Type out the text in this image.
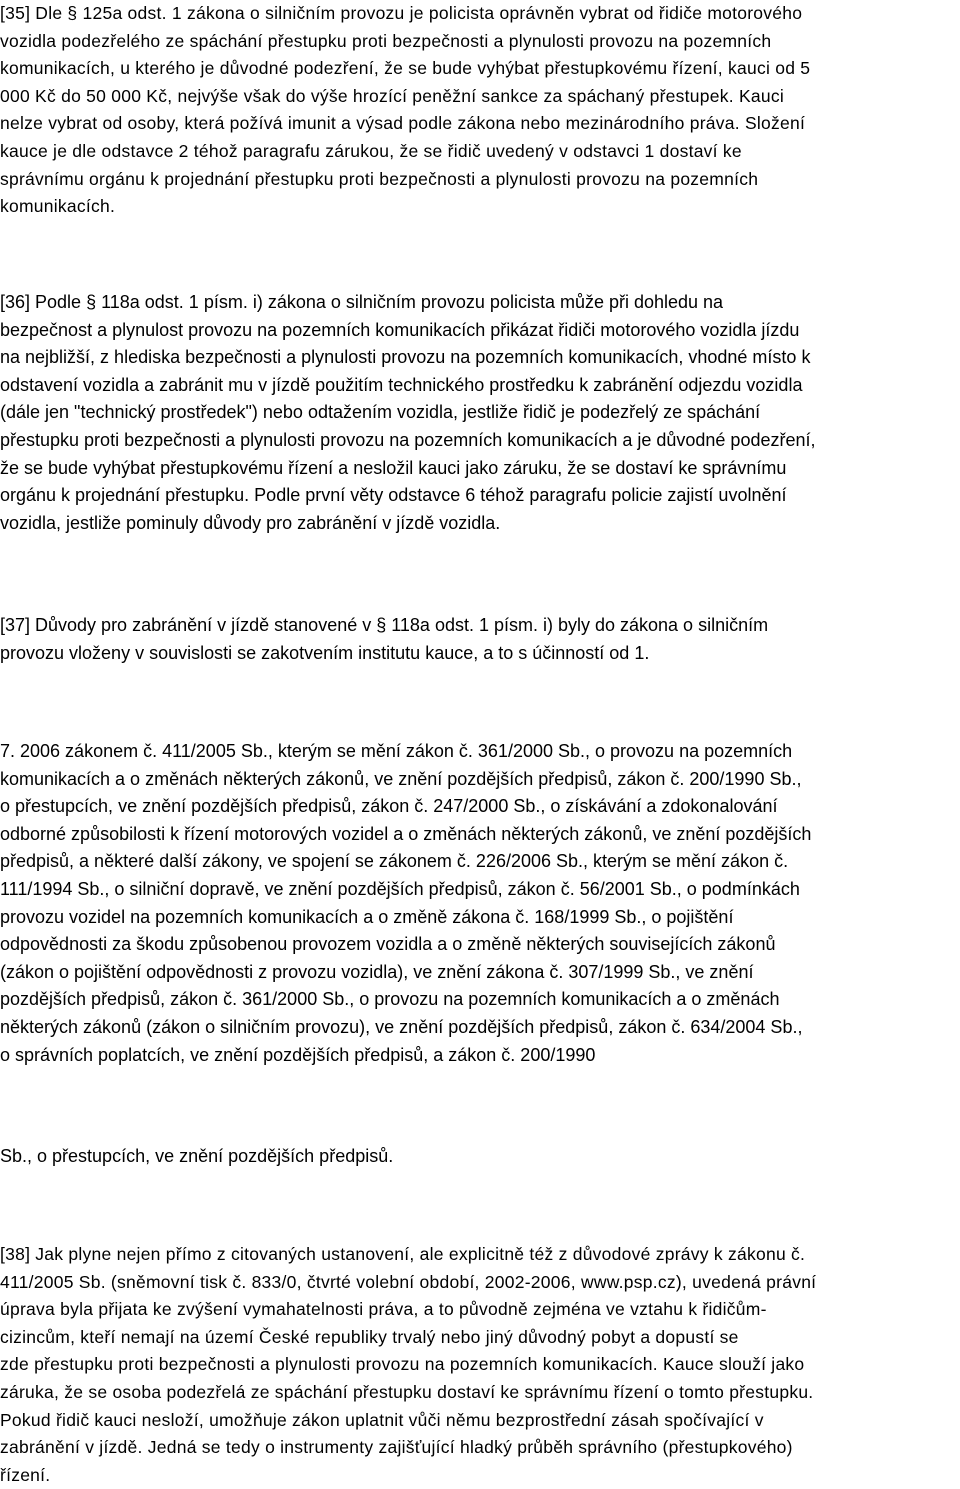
[35] Dle § 125a odst. 1 zákona o silničním provozu je policista oprávněn vybrat od řidiče motorového
vozidla podezřelého ze spáchání přestupku proti bezpečnosti a plynulosti provozu na pozemních
komunikacích, u kterého je důvodné podezření, že se bude vyhýbat přestupkovému řízení, kauci od 5
000 Kč do 50 000 Kč, nejvýše však do výše hrozící peněžní sankce za spáchaný přestupek. Kauci
nelze vybrat od osoby, která požívá imunit a výsad podle zákona nebo mezinárodního práva. Složení
kauce je dle odstavce 2 téhož paragrafu zárukou, že se řidič uvedený v odstavci 1 dostaví ke
správnímu orgánu k projednání přestupku proti bezpečnosti a plynulosti provozu na pozemních
komunikacích.
[36] Podle § 118a odst. 1 písm. i) zákona o silničním provozu policista může při dohledu na
bezpečnost a plynulost provozu na pozemních komunikacích přikázat řidiči motorového vozidla jízdu
na nejbližší, z hlediska bezpečnosti a plynulosti provozu na pozemních komunikacích, vhodné místo k
odstavení vozidla a zabránit mu v jízdě použitím technického prostředku k zabránění odjezdu vozidla
(dále jen "technický prostředek") nebo odtažením vozidla, jestliže řidič je podezřelý ze spáchání
přestupku proti bezpečnosti a plynulosti provozu na pozemních komunikacích a je důvodné podezření,
že se bude vyhýbat přestupkovému řízení a nesložil kauci jako záruku, že se dostaví ke správnímu
orgánu k projednání přestupku. Podle první věty odstavce 6 téhož paragrafu policie zajistí uvolnění
vozidla, jestliže pominuly důvody pro zabránění v jízdě vozidla.
[37] Důvody pro zabránění v jízdě stanovené v § 118a odst. 1 písm. i) byly do zákona o silničním
provozu vloženy v souvislosti se zakotvením institutu kauce, a to s účinností od 1.
7. 2006 zákonem č. 411/2005 Sb., kterým se mění zákon č. 361/2000 Sb., o provozu na pozemních
komunikacích a o změnách některých zákonů, ve znění pozdějších předpisů, zákon č. 200/1990 Sb.,
o přestupcích, ve znění pozdějších předpisů, zákon č. 247/2000 Sb., o získávání a zdokonalování
odborné způsobilosti k řízení motorových vozidel a o změnách některých zákonů, ve znění pozdějších
předpisů, a některé další zákony, ve spojení se zákonem č. 226/2006 Sb., kterým se mění zákon č.
111/1994 Sb., o silniční dopravě, ve znění pozdějších předpisů, zákon č. 56/2001 Sb., o podmínkách
provozu vozidel na pozemních komunikacích a o změně zákona č. 168/1999 Sb., o pojištění
odpovědnosti za škodu způsobenou provozem vozidla a o změně některých souvisejících zákonů
(zákon o pojištění odpovědnosti z provozu vozidla), ve znění zákona č. 307/1999 Sb., ve znění
pozdějších předpisů, zákon č. 361/2000 Sb., o provozu na pozemních komunikacích a o změnách
některých zákonů (zákon o silničním provozu), ve znění pozdějších předpisů, zákon č. 634/2004 Sb.,
o správních poplatcích, ve znění pozdějších předpisů, a zákon č. 200/1990
Sb., o přestupcích, ve znění pozdějších předpisů.
[38] Jak plyne nejen přímo z citovaných ustanovení, ale explicitně též z důvodové zprávy k zákonu č.
411/2005 Sb. (sněmovní tisk č. 833/0, čtvrté volební období, 2002-2006, www.psp.cz), uvedená právní
úprava byla přijata ke zvýšení vymahatelnosti práva, a to původně zejména ve vztahu k řidičům-
cizincům, kteří nemají na území České republiky trvalý nebo jiný důvodný pobyt a dopustí se
zde přestupku proti bezpečnosti a plynulosti provozu na pozemních komunikacích. Kauce slouží jako
záruka, že se osoba podezřelá ze spáchání přestupku dostaví ke správnímu řízení o tomto přestupku.
Pokud řidič kauci nesloží, umožňuje zákon uplatnit vůči němu bezprostřední zásah spočívající v
zabránění v jízdě. Jedná se tedy o instrumenty zajišťující hladký průběh správního (přestupkového)
řízení.
